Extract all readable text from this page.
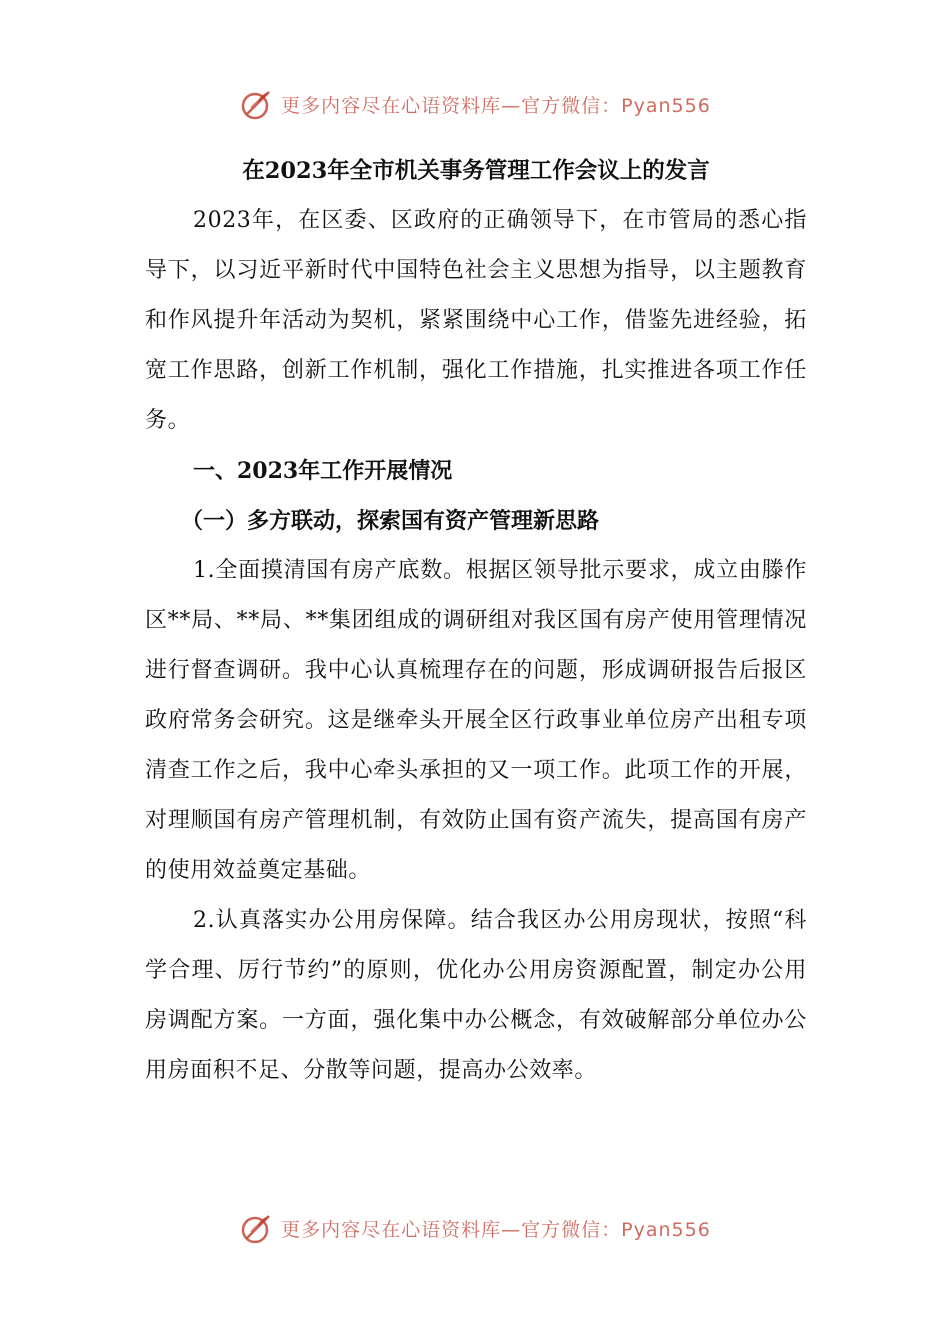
更多内容尽在心语资料库—官方微信：Pyan556

在2023年全市机关事务管理工作会议上的发言

2023年，在区委、区政府的正确领导下，在市管局的悉心指导下，以习近平新时代中国特色社会主义思想为指导，以主题教育和作风提升年活动为契机，紧紧围绕中心工作，借鉴先进经验，拓宽工作思路，创新工作机制，强化工作措施，扎实推进各项工作任务。

一、2023年工作开展情况

（一）多方联动，探索国有资产管理新思路

1.全面摸清国有房产底数。根据区领导批示要求，成立由滕作区**局、**局、**集团组成的调研组对我区国有房产使用管理情况进行督查调研。我中心认真梳理存在的问题，形成调研报告后报区政府常务会研究。这是继牵头开展全区行政事业单位房产出租专项清查工作之后，我中心牵头承担的又一项工作。此项工作的开展，对理顺国有房产管理机制，有效防止国有资产流失，提高国有房产的使用效益奠定基础。

2.认真落实办公用房保障。结合我区办公用房现状，按照“科学合理、厉行节约”的原则，优化办公用房资源配置，制定办公用房调配方案。一方面，强化集中办公概念，有效破解部分单位办公用房面积不足、分散等问题，提高办公效率。

更多内容尽在心语资料库—官方微信：Pyan556
